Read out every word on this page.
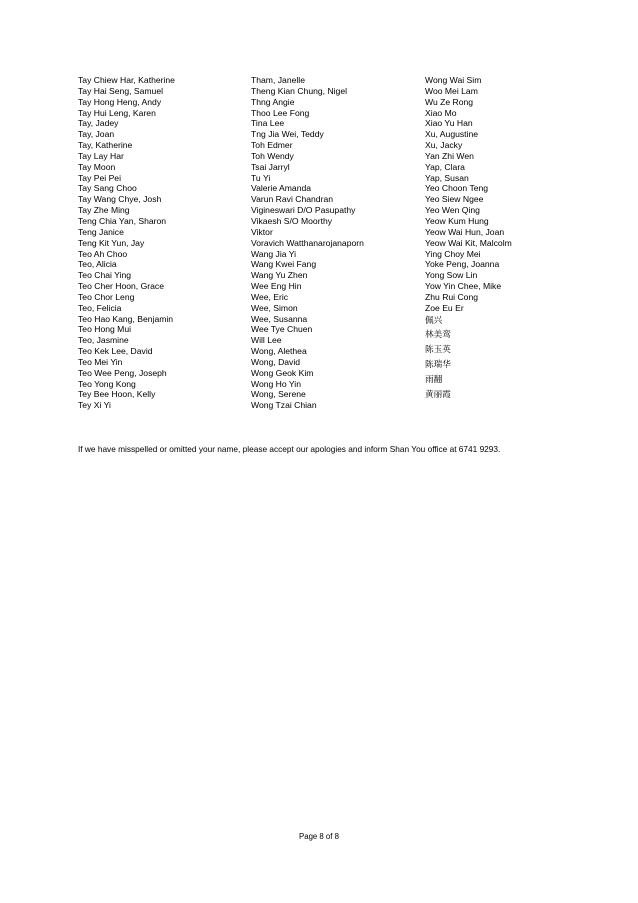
Tay Chiew Har, Katherine
Tay Hai Seng, Samuel
Tay Hong Heng, Andy
Tay Hui Leng, Karen
Tay, Jadey
Tay, Joan
Tay, Katherine
Tay Lay Har
Tay Moon
Tay Pei Pei
Tay Sang Choo
Tay Wang Chye, Josh
Tay Zhe Ming
Teng Chia Yan, Sharon
Teng Janice
Teng Kit Yun, Jay
Teo Ah Choo
Teo, Alicia
Teo Chai Ying
Teo Cher Hoon, Grace
Teo Chor Leng
Teo, Felicia
Teo Hao Kang, Benjamin
Teo Hong Mui
Teo, Jasmine
Teo Kek Lee, David
Teo Mei Yin
Teo Wee Peng, Joseph
Teo Yong Kong
Tey Bee Hoon, Kelly
Tey Xi Yi
Tham, Janelle
Theng Kian Chung, Nigel
Thng Angie
Thoo Lee Fong
Tina Lee
Tng Jia Wei, Teddy
Toh Edmer
Toh Wendy
Tsai Jarryl
Tu Yi
Valerie Amanda
Varun Ravi Chandran
Vigineswari D/O Pasupathy
Vikaesh S/O Moorthy
Viktor
Voravich Watthanarojanaporn
Wang Jia Yi
Wang Kwei Fang
Wang Yu Zhen
Wee Eng Hin
Wee, Eric
Wee, Simon
Wee, Susanna
Wee Tye Chuen
Will Lee
Wong, Alethea
Wong, David
Wong Geok Kim
Wong Ho Yin
Wong, Serene
Wong Tzai Chian
Wong Wai Sim
Woo Mei Lam
Wu Ze Rong
Xiao Mo
Xiao Yu Han
Xu, Augustine
Xu, Jacky
Yan Zhi Wen
Yap, Clara
Yap, Susan
Yeo Choon Teng
Yeo Siew Ngee
Yeo Wen Qing
Yeow Kum Hung
Yeow Wai Hun, Joan
Yeow Wai Kit, Malcolm
Ying Choy Mei
Yoke Peng, Joanna
Yong Sow Lin
Yow Yin Chee, Mike
Zhu Rui Cong
Zoe Eu Er
佩兴
林美鸾
陈玉英
陈瑞华
雨翻
黄丽霞
If we have misspelled or omitted your name, please accept our apologies and inform Shan You office at 6741 9293.
Page 8 of 8
